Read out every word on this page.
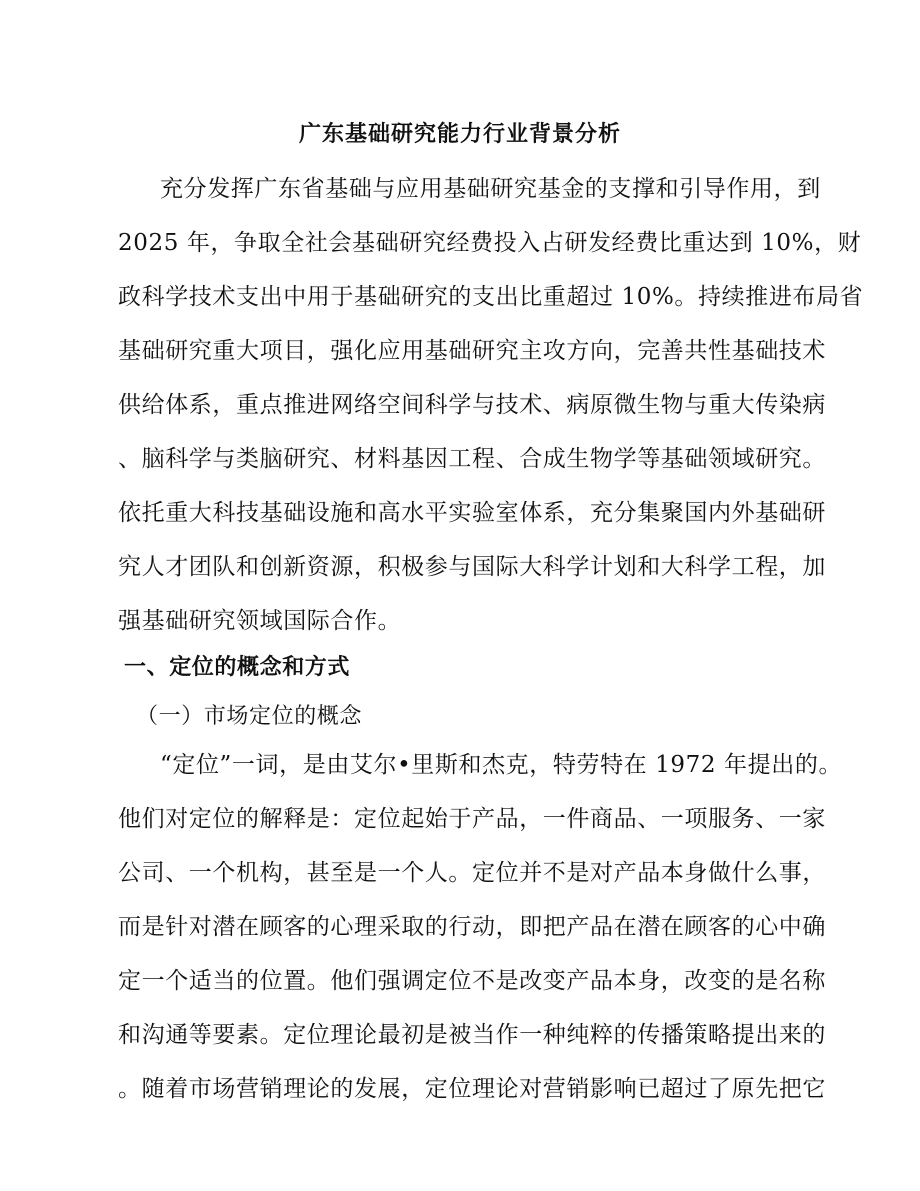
广东基础研究能力行业背景分析
充分发挥广东省基础与应用基础研究基金的支撑和引导作用，到
2025 年，争取全社会基础研究经费投入占研发经费比重达到 10%，财
政科学技术支出中用于基础研究的支出比重超过 10%。持续推进布局省
基础研究重大项目，强化应用基础研究主攻方向，完善共性基础技术
供给体系，重点推进网络空间科学与技术、病原微生物与重大传染病
、脑科学与类脑研究、材料基因工程、合成生物学等基础领域研究。
依托重大科技基础设施和高水平实验室体系，充分集聚国内外基础研
究人才团队和创新资源，积极参与国际大科学计划和大科学工程，加
强基础研究领域国际合作。
一、定位的概念和方式
（一）市场定位的概念
“定位”一词，是由艾尔•里斯和杰克，特劳特在 1972 年提出的。
他们对定位的解释是：定位起始于产品，一件商品、一项服务、一家
公司、一个机构，甚至是一个人。定位并不是对产品本身做什么事，
而是针对潜在顾客的心理采取的行动，即把产品在潜在顾客的心中确
定一个适当的位置。他们强调定位不是改变产品本身，改变的是名称
和沟通等要素。定位理论最初是被当作一种纯粹的传播策略提出来的
。随着市场营销理论的发展，定位理论对营销影响已超过了原先把它
